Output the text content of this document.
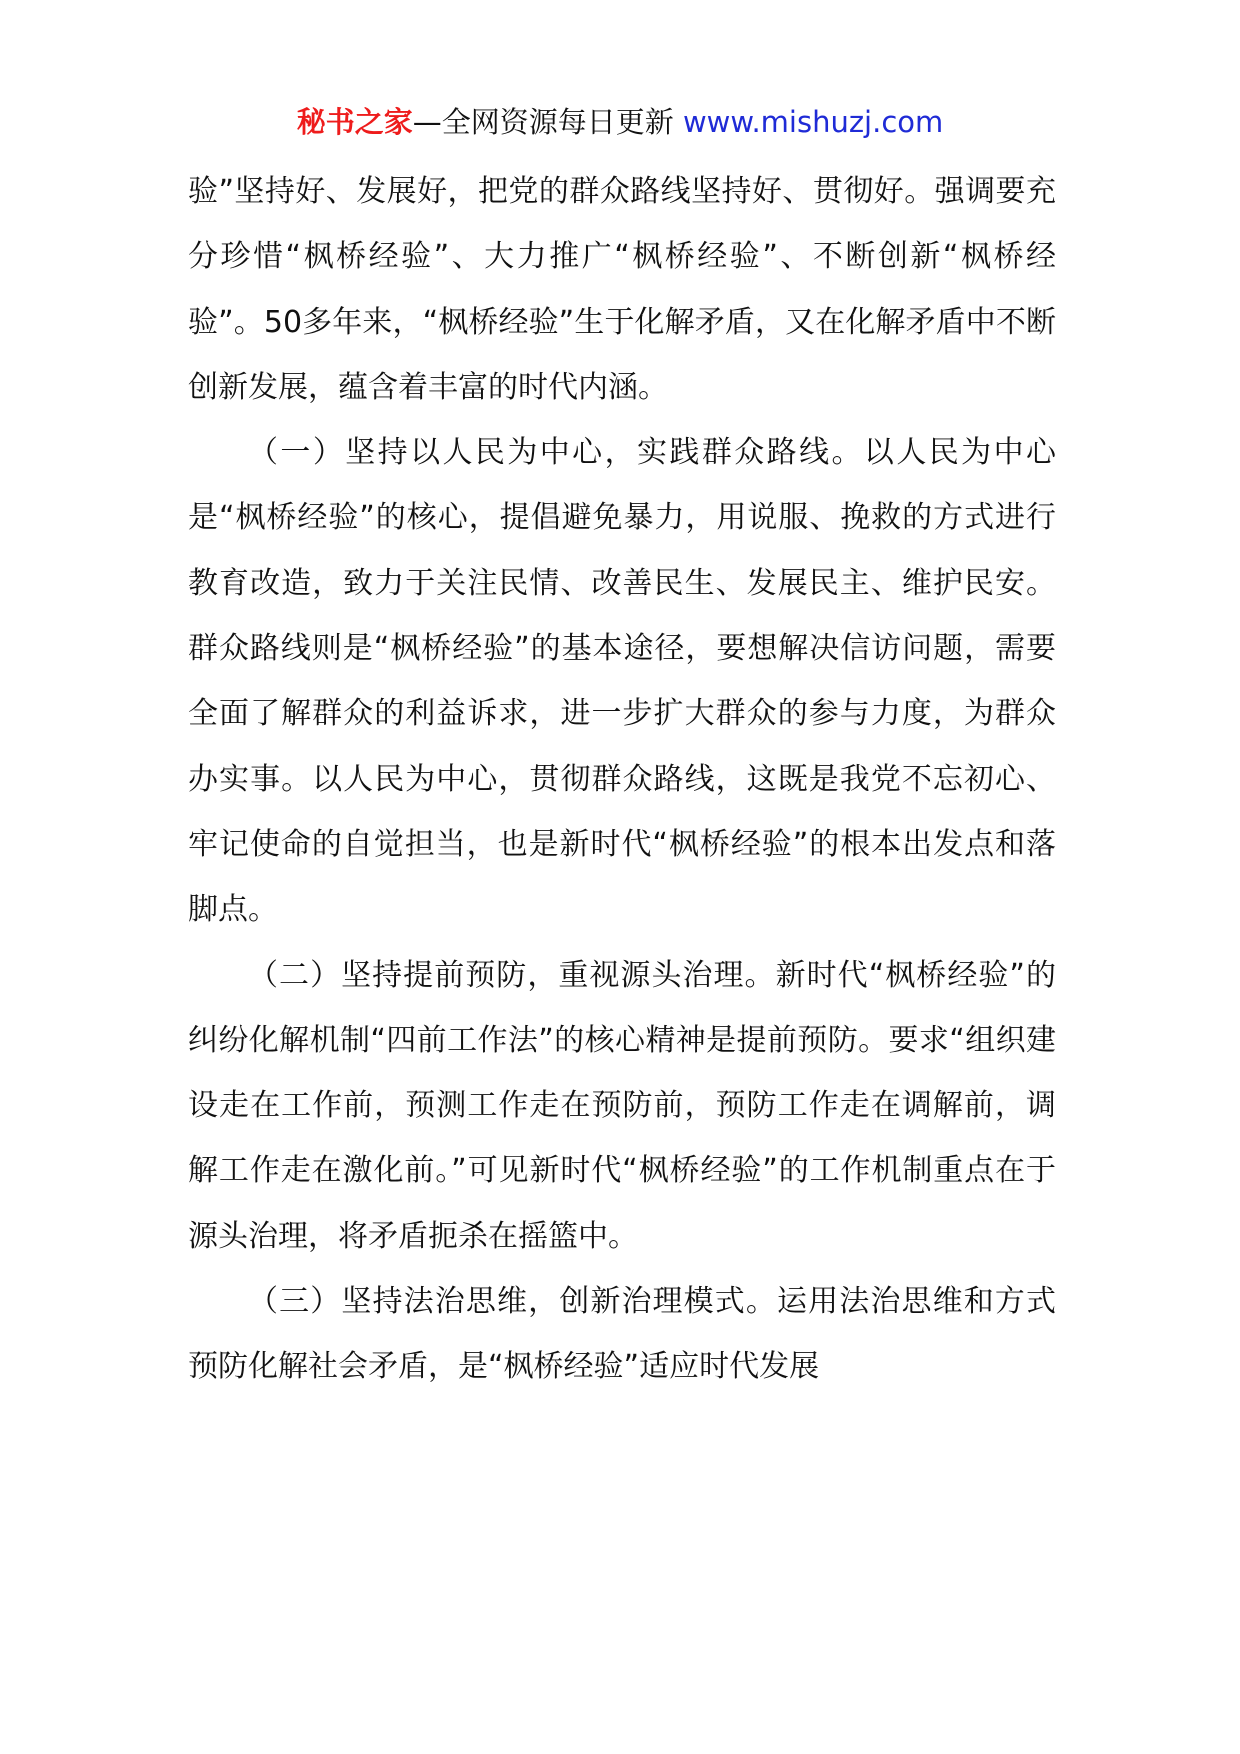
秘书之家—全网资源每日更新 www.mishuzj.com

验”坚持好、发展好，把党的群众路线坚持好、贯彻好。强调要充分珍惜“枫桥经验”、大力推广“枫桥经验”、不断创新“枫桥经验”。50多年来，“枫桥经验”生于化解矛盾，又在化解矛盾中不断创新发展，蕴含着丰富的时代内涵。

（一）坚持以人民为中心，实践群众路线。以人民为中心是“枫桥经验”的核心，提倡避免暴力，用说服、挽救的方式进行教育改造，致力于关注民情、改善民生、发展民主、维护民安。群众路线则是“枫桥经验”的基本途径，要想解决信访问题，需要全面了解群众的利益诉求，进一步扩大群众的参与力度，为群众办实事。以人民为中心，贯彻群众路线，这既是我党不忘初心、牢记使命的自觉担当，也是新时代“枫桥经验”的根本出发点和落脚点。

（二）坚持提前预防，重视源头治理。新时代“枫桥经验”的纠纷化解机制“四前工作法”的核心精神是提前预防。要求“组织建设走在工作前，预测工作走在预防前，预防工作走在调解前，调解工作走在激化前。”可见新时代“枫桥经验”的工作机制重点在于源头治理，将矛盾扼杀在摇篮中。

（三）坚持法治思维，创新治理模式。运用法治思维和方式预防化解社会矛盾，是“枫桥经验”适应时代发展
